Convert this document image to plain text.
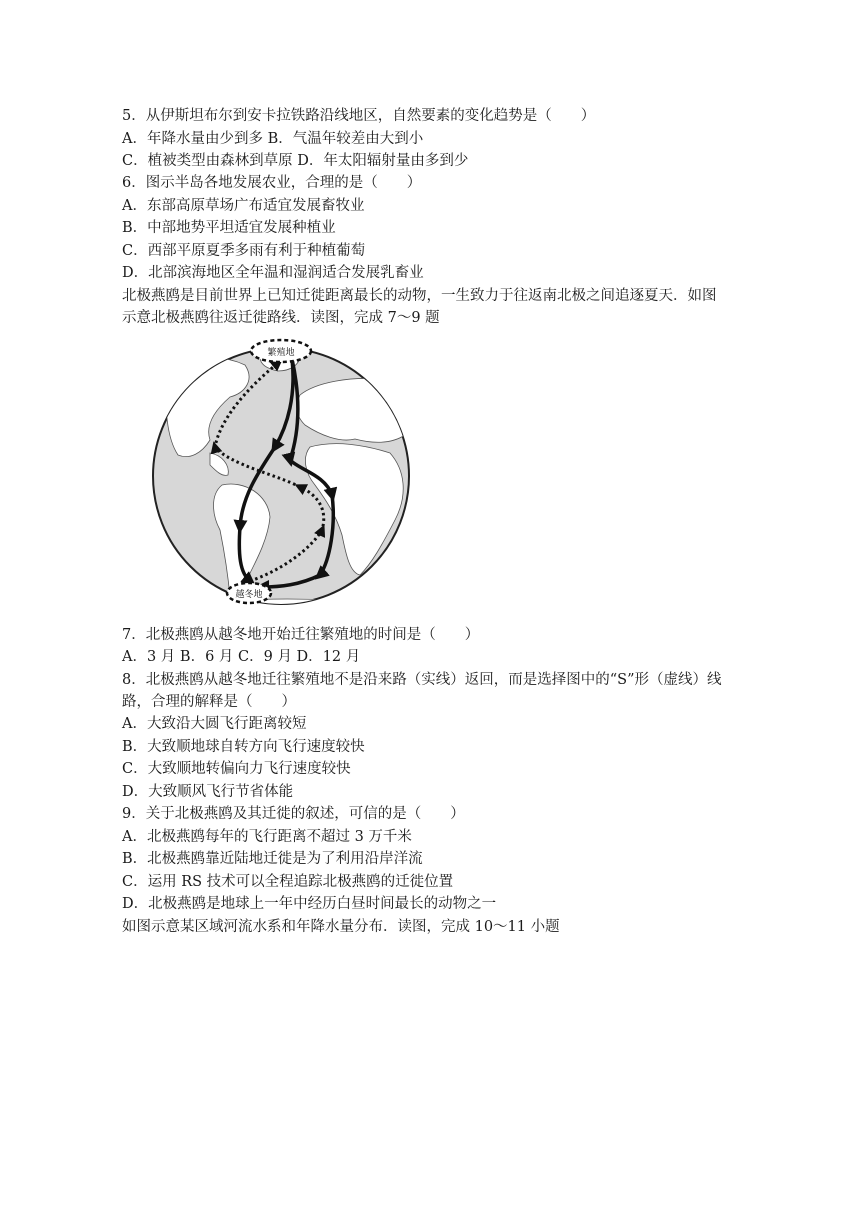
5．从伊斯坦布尔到安卡拉铁路沿线地区，自然要素的变化趋势是（　　）
A．年降水量由少到多 B．气温年较差由大到小
C．植被类型由森林到草原 D．年太阳辐射量由多到少
6．图示半岛各地发展农业，合理的是（　　）
A．东部高原草场广布适宜发展畜牧业
B．中部地势平坦适宜发展种植业
C．西部平原夏季多雨有利于种植葡萄
D．北部滨海地区全年温和湿润适合发展乳畜业
北极燕鸥是目前世界上已知迁徙距离最长的动物，一生致力于往返南北极之间追逐夏天．如图
示意北极燕鸥往返迁徙路线．读图，完成 7～9 题
繁殖地
越冬地
7．北极燕鸥从越冬地开始迁往繁殖地的时间是（　　）
A．3 月 B．6 月 C．9 月 D．12 月
8．北极燕鸥从越冬地迁往繁殖地不是沿来路（实线）返回，而是选择图中的“S”形（虚线）线
路，合理的解释是（　　）
A．大致沿大圆飞行距离较短
B．大致顺地球自转方向飞行速度较快
C．大致顺地转偏向力飞行速度较快
D．大致顺风飞行节省体能
9．关于北极燕鸥及其迁徙的叙述，可信的是（　　）
A．北极燕鸥每年的飞行距离不超过 3 万千米
B．北极燕鸥靠近陆地迁徙是为了利用沿岸洋流
C．运用 RS 技术可以全程追踪北极燕鸥的迁徙位置
D．北极燕鸥是地球上一年中经历白昼时间最长的动物之一
如图示意某区域河流水系和年降水量分布．读图，完成 10～11 小题
